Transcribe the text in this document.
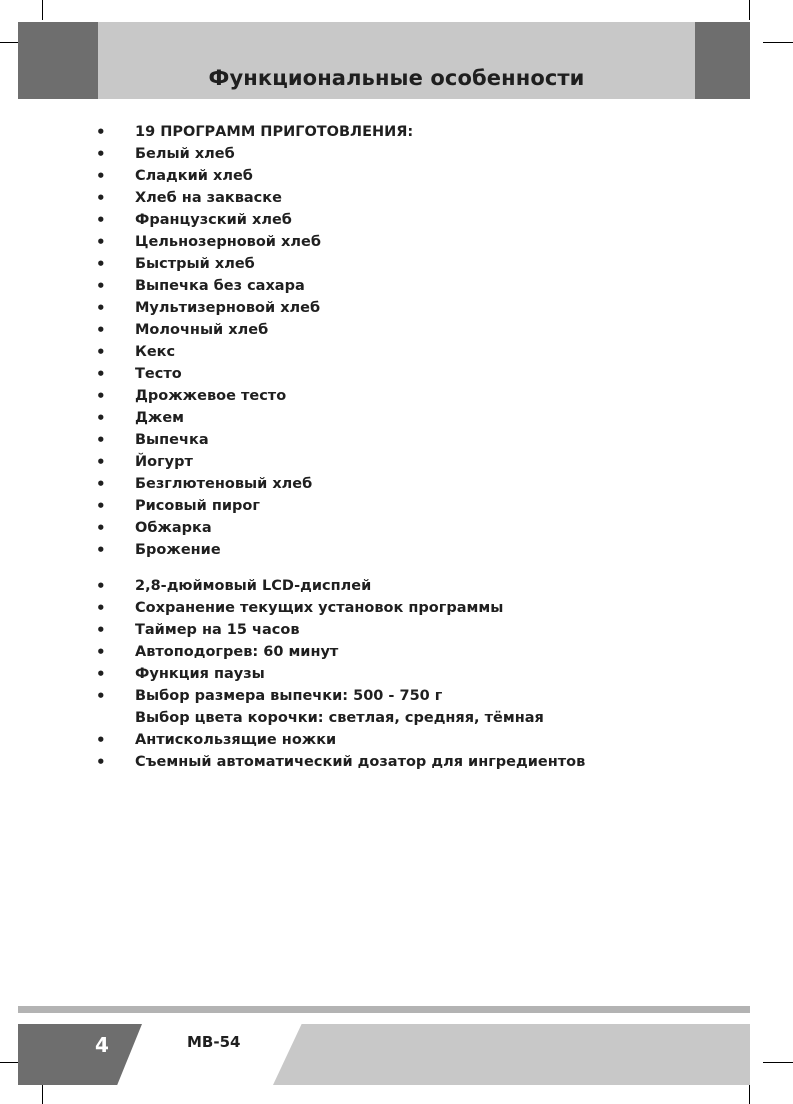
Функциональные особенности
• 19 ПРОГРАММ ПРИГОТОВЛЕНИЯ:
• Белый хлеб
• Сладкий хлеб
• Хлеб на закваске
• Французский хлеб
• Цельнозерновой хлеб
• Быстрый хлеб
• Выпечка без сахара
• Мультизерновой хлеб
• Молочный хлеб
• Кекс
• Тесто
• Дрожжевое тесто
• Джем
• Выпечка
• Йогурт
• Безглютеновый хлеб
• Рисовый пирог
• Обжарка
• Брожение
• 2,8-дюймовый LCD-дисплей
• Сохранение текущих установок программы
• Таймер на 15 часов
• Автоподогрев: 60 минут
• Функция паузы
• Выбор размера выпечки: 500 - 750 г
Выбор цвета корочки: светлая, средняя, тёмная
• Антискользящие ножки
• Съемный автоматический дозатор для ингредиентов
4	MB-54
